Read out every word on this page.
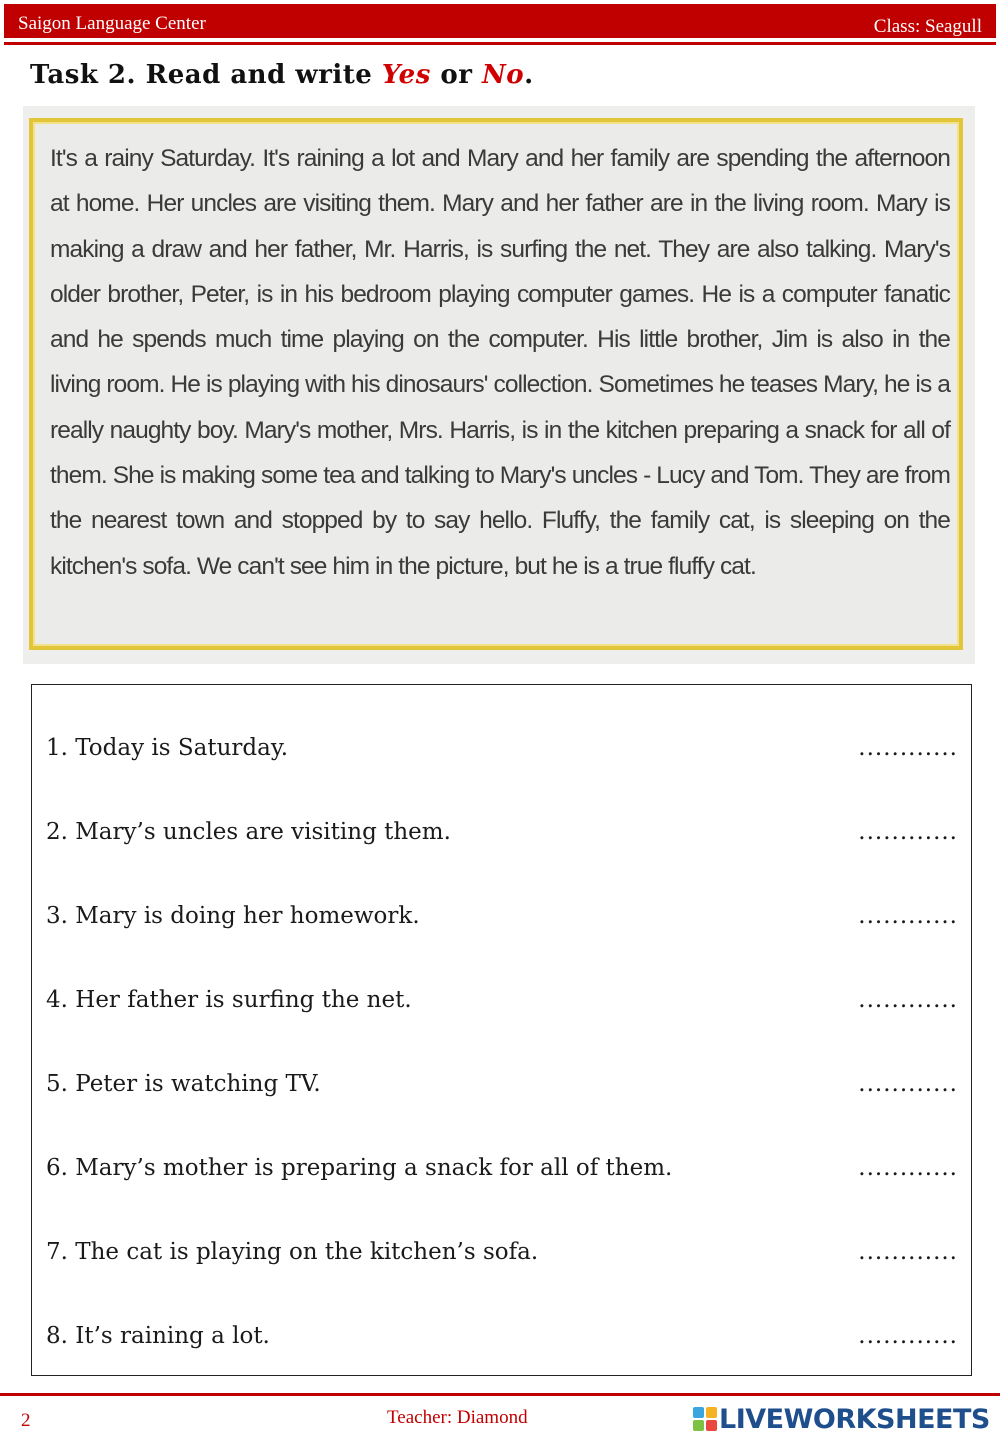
Saigon Language Center	Class: Seagull
Task 2. Read and write Yes or No.
It's a rainy Saturday. It's raining a lot and Mary and her family are spending the afternoon at home. Her uncles are visiting them. Mary and her father are in the living room. Mary is making a draw and her father, Mr. Harris, is surfing the net. They are also talking. Mary's older brother, Peter, is in his bedroom playing computer games. He is a computer fanatic and he spends much time playing on the computer. His little brother, Jim is also in the living room. He is playing with his dinosaurs' collection. Sometimes he teases Mary, he is a really naughty boy. Mary's mother, Mrs. Harris, is in the kitchen preparing a snack for all of them. She is making some tea and talking to Mary's uncles - Lucy and Tom. They are from the nearest town and stopped by to say hello. Fluffy, the family cat, is sleeping on the kitchen's sofa. We can't see him in the picture, but he is a true fluffy cat.
1. Today is Saturday.	............
2. Mary’s uncles are visiting them.	............
3. Mary is doing her homework.	............
4. Her father is surfing the net.	............
5. Peter is watching TV.	............
6. Mary’s mother is preparing a snack for all of them.	............
7. The cat is playing on the kitchen’s sofa.	............
8. It’s raining a lot.	............
2	Teacher: Diamond	LIVEWORKSHEETS
